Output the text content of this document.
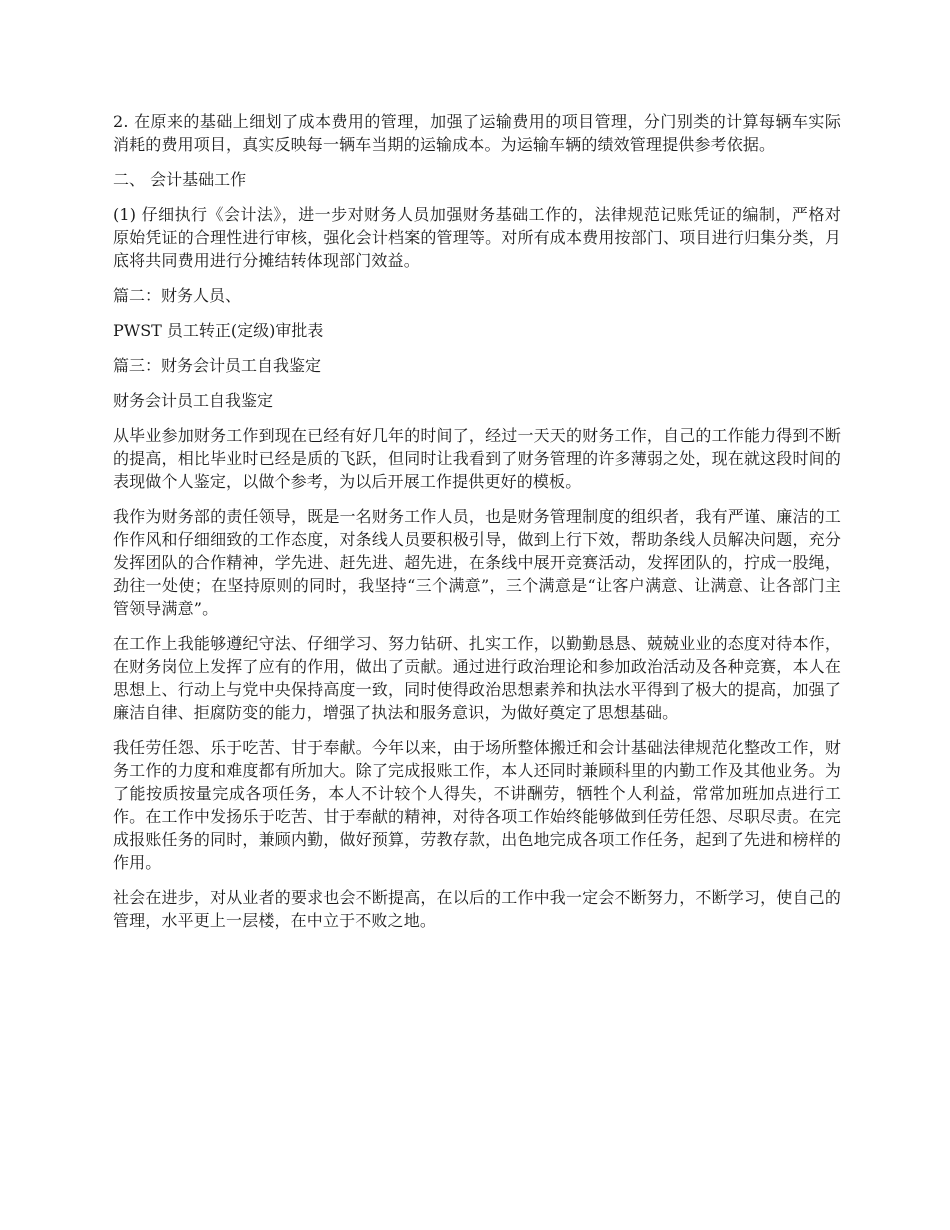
2. 在原来的基础上细划了成本费用的管理，加强了运输费用的项目管理，分门别类的计算每辆车实际消耗的费用项目，真实反映每一辆车当期的运输成本。为运输车辆的绩效管理提供参考依据。

二、 会计基础工作

(1) 仔细执行《会计法》，进一步对财务人员加强财务基础工作的，法律规范记账凭证的编制，严格对原始凭证的合理性进行审核，强化会计档案的管理等。对所有成本费用按部门、项目进行归集分类，月底将共同费用进行分摊结转体现部门效益。

篇二：财务人员、

PWST 员工转正(定级)审批表

篇三：财务会计员工自我鉴定

财务会计员工自我鉴定

从毕业参加财务工作到现在已经有好几年的时间了，经过一天天的财务工作，自己的工作能力得到不断的提高，相比毕业时已经是质的飞跃，但同时让我看到了财务管理的许多薄弱之处，现在就这段时间的表现做个人鉴定，以做个参考，为以后开展工作提供更好的模板。

我作为财务部的责任领导，既是一名财务工作人员，也是财务管理制度的组织者，我有严谨、廉洁的工作作风和仔细细致的工作态度，对条线人员要积极引导，做到上行下效，帮助条线人员解决问题，充分发挥团队的合作精神，学先进、赶先进、超先进，在条线中展开竞赛活动，发挥团队的，拧成一股绳，劲往一处使；在坚持原则的同时，我坚持“三个满意”，三个满意是“让客户满意、让满意、让各部门主管领导满意”。

在工作上我能够遵纪守法、仔细学习、努力钻研、扎实工作，以勤勤恳恳、兢兢业业的态度对待本作，在财务岗位上发挥了应有的作用，做出了贡献。通过进行政治理论和参加政治活动及各种竞赛，本人在思想上、行动上与党中央保持高度一致，同时使得政治思想素养和执法水平得到了极大的提高，加强了廉洁自律、拒腐防变的能力，增强了执法和服务意识，为做好奠定了思想基础。

我任劳任怨、乐于吃苦、甘于奉献。今年以来，由于场所整体搬迁和会计基础法律规范化整改工作，财务工作的力度和难度都有所加大。除了完成报账工作，本人还同时兼顾科里的内勤工作及其他业务。为了能按质按量完成各项任务，本人不计较个人得失，不讲酬劳，牺牲个人利益，常常加班加点进行工作。在工作中发扬乐于吃苦、甘于奉献的精神，对待各项工作始终能够做到任劳任怨、尽职尽责。在完成报账任务的同时，兼顾内勤，做好预算，劳教存款，出色地完成各项工作任务，起到了先进和榜样的作用。

社会在进步，对从业者的要求也会不断提高，在以后的工作中我一定会不断努力，不断学习，使自己的管理，水平更上一层楼，在中立于不败之地。
